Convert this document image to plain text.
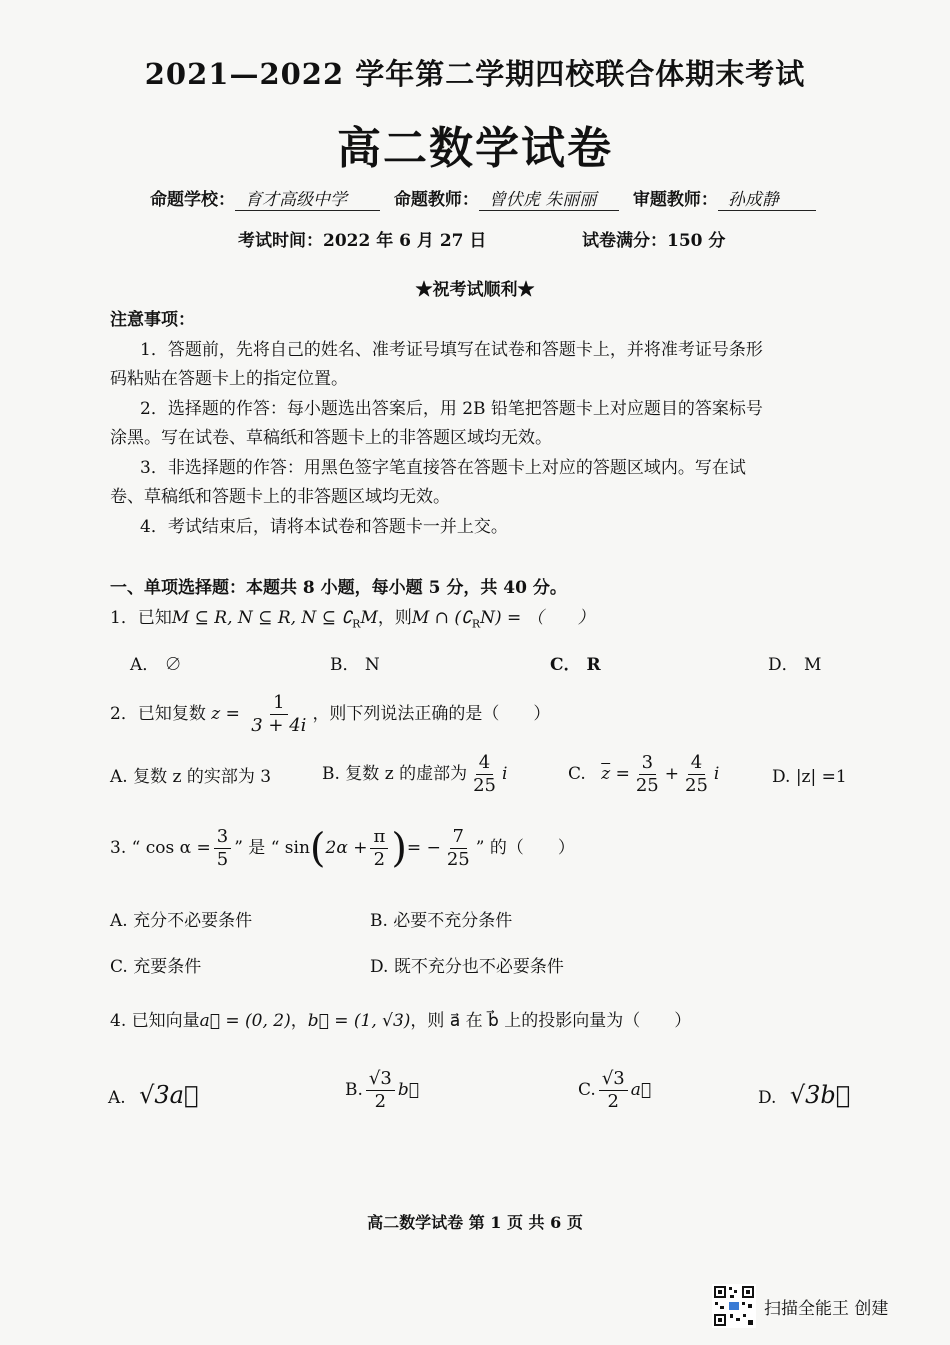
2021—2022 学年第二学期四校联合体期末考试
高二数学试卷
命题学校： 育才高级中学	命题教师： 曾伏虎 朱丽丽 审题教师： 孙成静
考试时间：2022 年 6 月 27 日	试卷满分：150 分
★祝考试顺利★
注意事项：
1．答题前，先将自己的姓名、准考证号填写在试卷和答题卡上，并将准考证号条形
码粘贴在答题卡上的指定位置。
2．选择题的作答：每小题选出答案后，用 2B 铅笔把答题卡上对应题目的答案标号
涂黑。写在试卷、草稿纸和答题卡上的非答题区域均无效。
3．非选择题的作答：用黑色签字笔直接答在答题卡上对应的答题区域内。写在试
卷、草稿纸和答题卡上的非答题区域均无效。
4．考试结束后，请将本试卷和答题卡一并上交。
一、单项选择题：本题共 8 小题，每小题 5 分，共 40 分。
1．已知M ⊆ R, N ⊆ R, N ⊆ $∁_RM$，则M ∩ $(∁_RN)$ = （　　）
A． ∅	B． N	C． R	D． M
2．已知复数 $z = \frac{1}{3 + 4i}$ ，则下列说法正确的是（　　）
A. 复数 z 的实部为 3	B. 复数 z 的虚部为 $\frac{4}{25}$ i	C. $\overline{z} = \frac{3}{25} + \frac{4}{25}$ i	D. |z| =1
3. “ $\cos \alpha = \frac{3}{5}$ ” 是 “ $\sin(2\alpha + \frac{\pi}{2}$ )= − $\frac{7}{25}$ ” 的（　　）
A. 充分不必要条件	B. 必要不充分条件
C. 充要条件	D. 既不充分也不必要条件
4. 已知向量a⃗ = (0, 2)，b⃗ = (1, √3)，则 a⃗ 在 b⃗ 上的投影向量为（　　）
A. √3a⃗	B. $\frac{√3}{2}$ b⃗	C. $\frac{√3}{2}$ a⃗	D. √3b⃗
高二数学试卷 第 1 页 共 6 页
扫描全能王 创建
